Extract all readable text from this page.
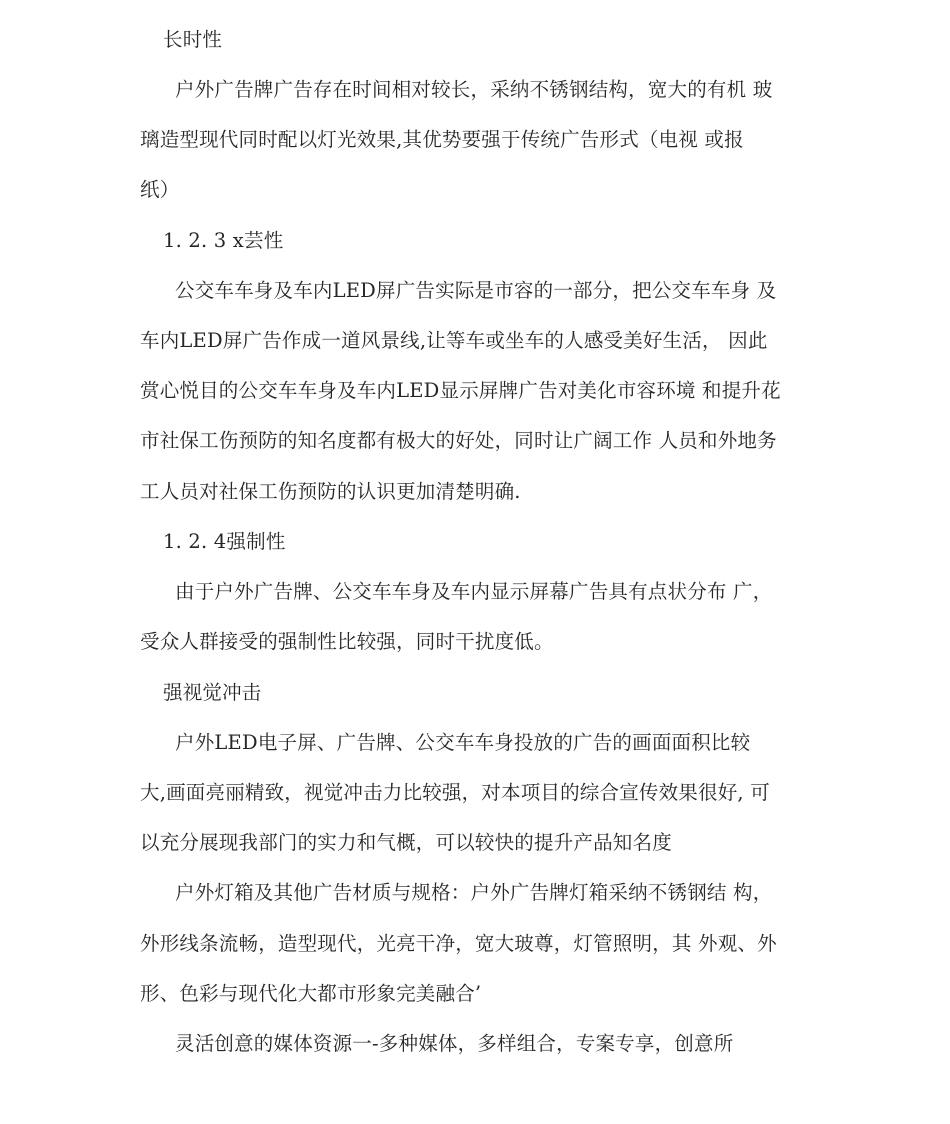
长时性
户外广告牌广告存在时间相对较长，采纳不锈钢结构，宽大的有机 玻
璃造型现代同时配以灯光效果,其优势要强于传统广告形式（电视 或报
纸）
1. 2. 3 x芸性
公交车车身及车内LED屏广告实际是市容的一部分，把公交车车身 及
车内LED屏广告作成一道风景线,让等车或坐车的人感受美好生活， 因此
赏心悦目的公交车车身及车内LED显示屏牌广告对美化市容环境 和提升花
市社保工伤预防的知名度都有极大的好处，同时让广阔工作 人员和外地务
工人员对社保工伤预防的认识更加清楚明确.
1. 2. 4强制性
由于户外广告牌、公交车车身及车内显示屏幕广告具有点状分布 广，
受众人群接受的强制性比较强，同时干扰度低。
强视觉冲击
户外LED电子屏、广告牌、公交车车身投放的广告的画面面积比较
大,画面亮丽精致，视觉冲击力比较强，对本项目的综合宣传效果很好, 可
以充分展现我部门的实力和气概，可以较快的提升产品知名度
户外灯箱及其他广告材质与规格：户外广告牌灯箱采纳不锈钢结 构，
外形线条流畅，造型现代，光亮干净，宽大玻尊，灯管照明，其 外观、外
形、色彩与现代化大都市形象完美融合’
灵活创意的媒体资源一-多种媒体，多样组合，专案专享，创意所
